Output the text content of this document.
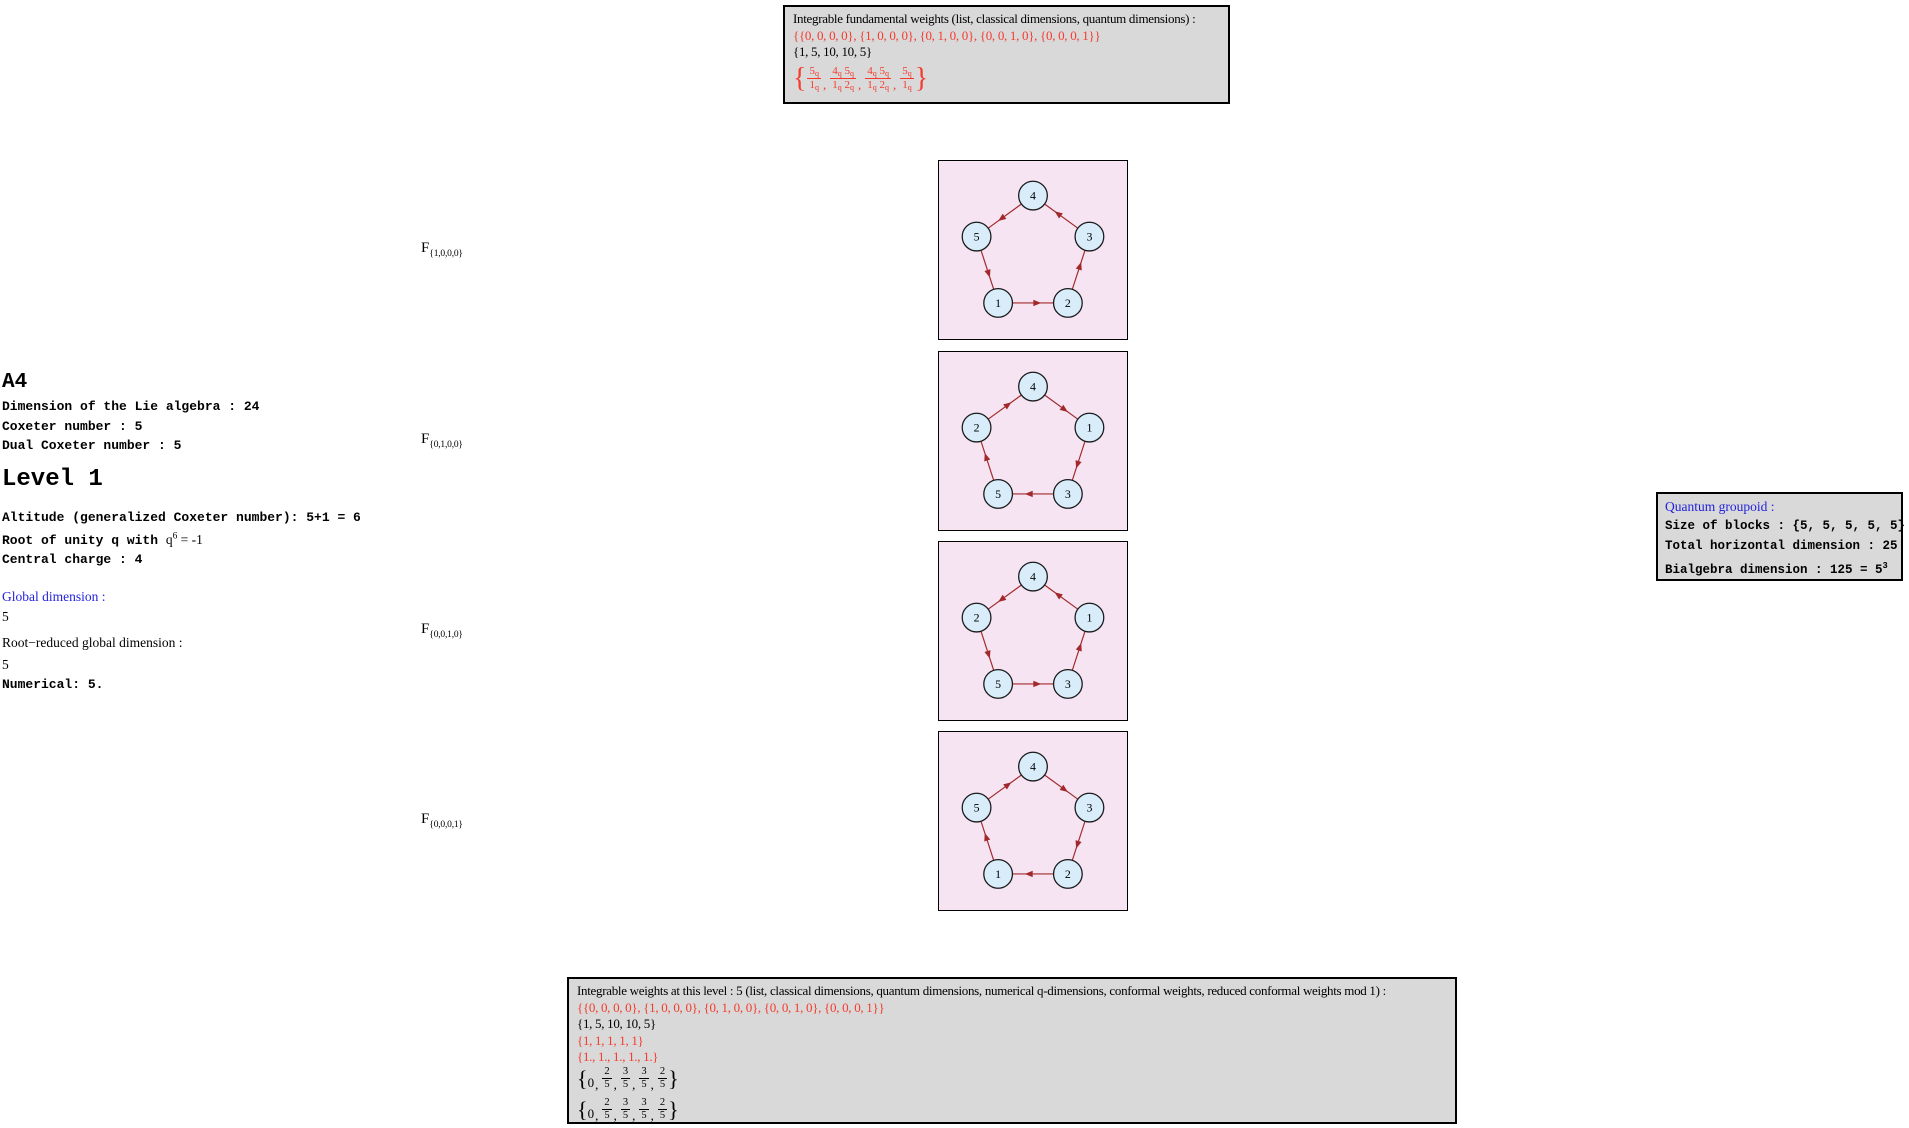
Integrable fundamental weights (list, classical dimensions, quantum dimensions) :
{{0, 0, 0, 0}, {1, 0, 0, 0}, {0, 1, 0, 0}, {0, 0, 1, 0}, {0, 0, 0, 1}}
{1, 5, 10, 10, 5}
{ $\frac{5q}{1q} _, \frac{4q 5q}{1q 2q} _, \frac{4q 5q}{1q 2q} _, \frac{5q}{1q}$ }
A4
Dimension of the Lie algebra : 24
Coxeter number : 5
Dual Coxeter number : 5
Level 1
Altitude (generalized Coxeter number): 5+1 = 6
Root of unity q with $q^6 = -1$
Central charge : 4
Global dimension :
5
Root−reduced global dimension :
5
Numerical: 5.
4
5	3
1	2
$F_{\{1,0,0,0\}}$
4
2	1
5	3
$F_{\{0,1,0,0\}}$
4
2	1
5	3
$F_{\{0,0,1,0\}}$
4
5	3
1	2
$F_{\{0,0,0,1\}}$
Quantum groupoid :
Size of blocks : {5, 5, 5, 5, 5}
Total horizontal dimension : 25
Bialgebra dimension : $125 = 5^3$
Integrable weights at this level : 5 (list, classical dimensions, quantum dimensions, numerical q-dimensions, conformal weights, reduced conformal weights mod 1) :
{{0, 0, 0, 0}, {1, 0, 0, 0}, {0, 1, 0, 0}, {0, 0, 1, 0}, {0, 0, 0, 1}}
{1, 5, 10, 10, 5}
{1, 1, 1, 1, 1}
{1., 1., 1., 1., 1.}
{$_{0,} \frac{2}{5} _, \frac{3}{5} _, \frac{3}{5} _, \frac{2}{5}$ }
{$_{0,} \frac{2}{5} _, \frac{3}{5} _, \frac{3}{5} _, \frac{2}{5}$ }
